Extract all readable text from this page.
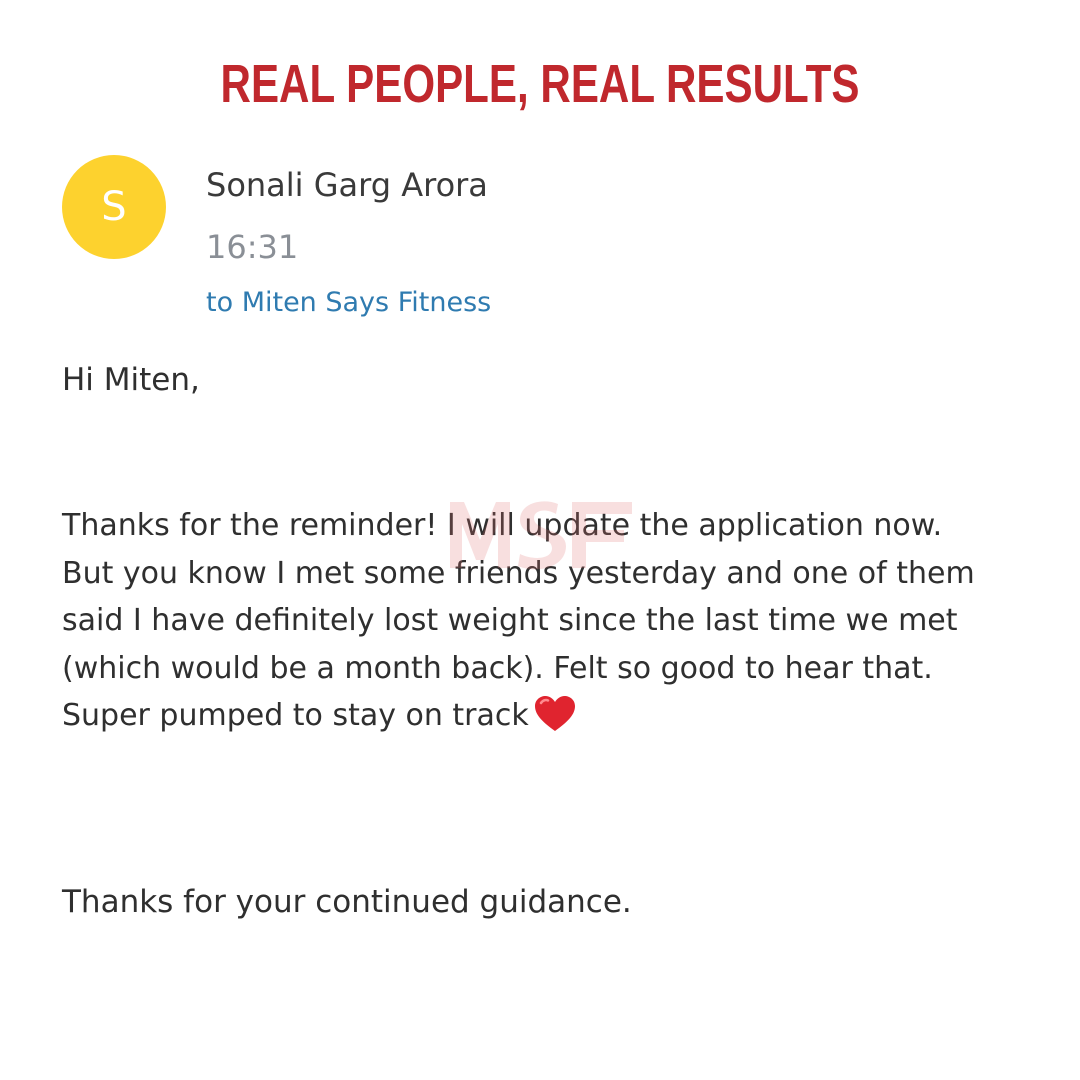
REAL PEOPLE, REAL RESULTS
S Sonali Garg Arora
16:31
to Miten Says Fitness
Hi Miten,
Thanks for the reminder! I will update the application now.
But you know I met some friends yesterday and one of them
said I have definitely lost weight since the last time we met
(which would be a month back). Felt so good to hear that.
Super pumped to stay on track
Thanks for your continued guidance.
